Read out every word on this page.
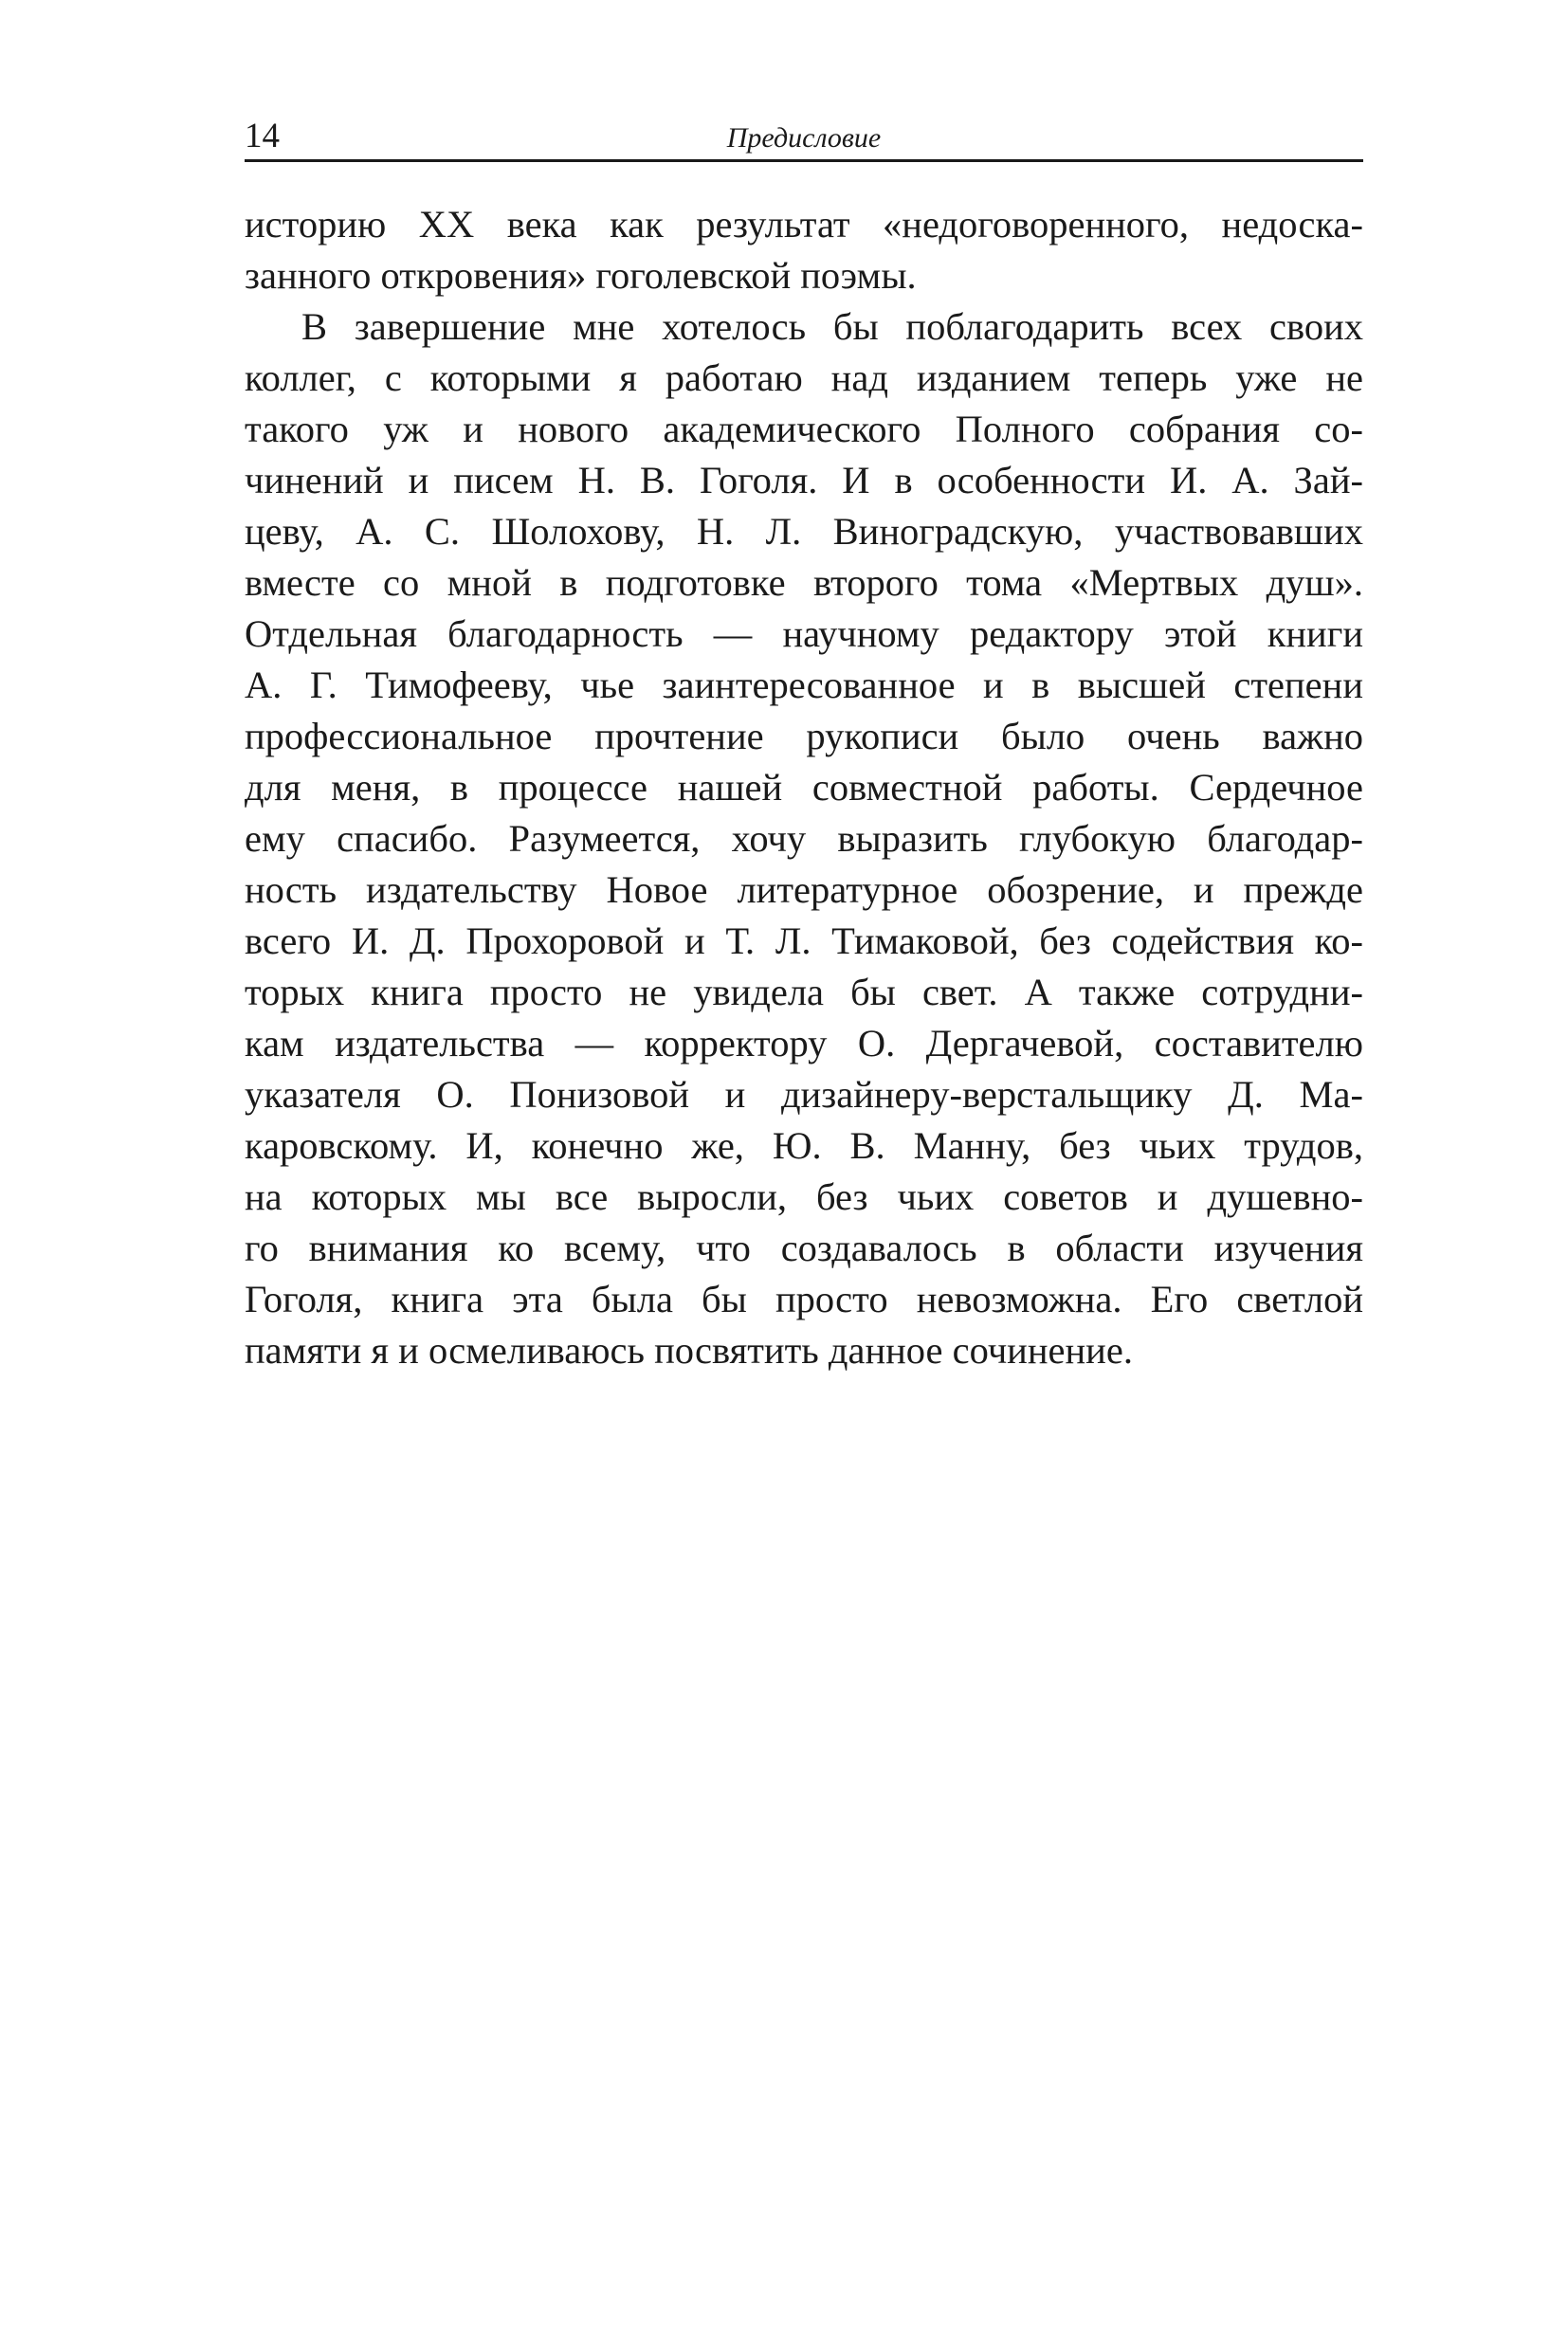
14	Предисловие
историю XX века как результат «недоговоренного, недоска-
занного откровения» гоголевской поэмы.
В завершение мне хотелось бы поблагодарить всех своих
коллег, с которыми я работаю над изданием теперь уже не
такого уж и нового академического Полного собрания со-
чинений и писем Н. В. Гоголя. И в особенности И. А. Зай-
цеву, А. С. Шолохову, Н. Л. Виноградскую, участвовавших
вместе со мной в подготовке второго тома «Мертвых душ».
Отдельная благодарность — научному редактору этой книги
А. Г. Тимофееву, чье заинтересованное и в высшей степени
профессиональное прочтение рукописи было очень важно
для меня, в процессе нашей совместной работы. Сердечное
ему спасибо. Разумеется, хочу выразить глубокую благодар-
ность издательству Новое литературное обозрение, и прежде
всего И. Д. Прохоровой и Т. Л. Тимаковой, без содействия ко-
торых книга просто не увидела бы свет. А также сотрудни-
кам издательства — корректору О. Дергачевой, составителю
указателя О. Понизовой и дизайнеру-верстальщику Д. Ма-
каровскому. И, конечно же, Ю. В. Манну, без чьих трудов,
на которых мы все выросли, без чьих советов и душевно-
го внимания ко всему, что создавалось в области изучения
Гоголя, книга эта была бы просто невозможна. Его светлой
памяти я и осмеливаюсь посвятить данное сочинение.
